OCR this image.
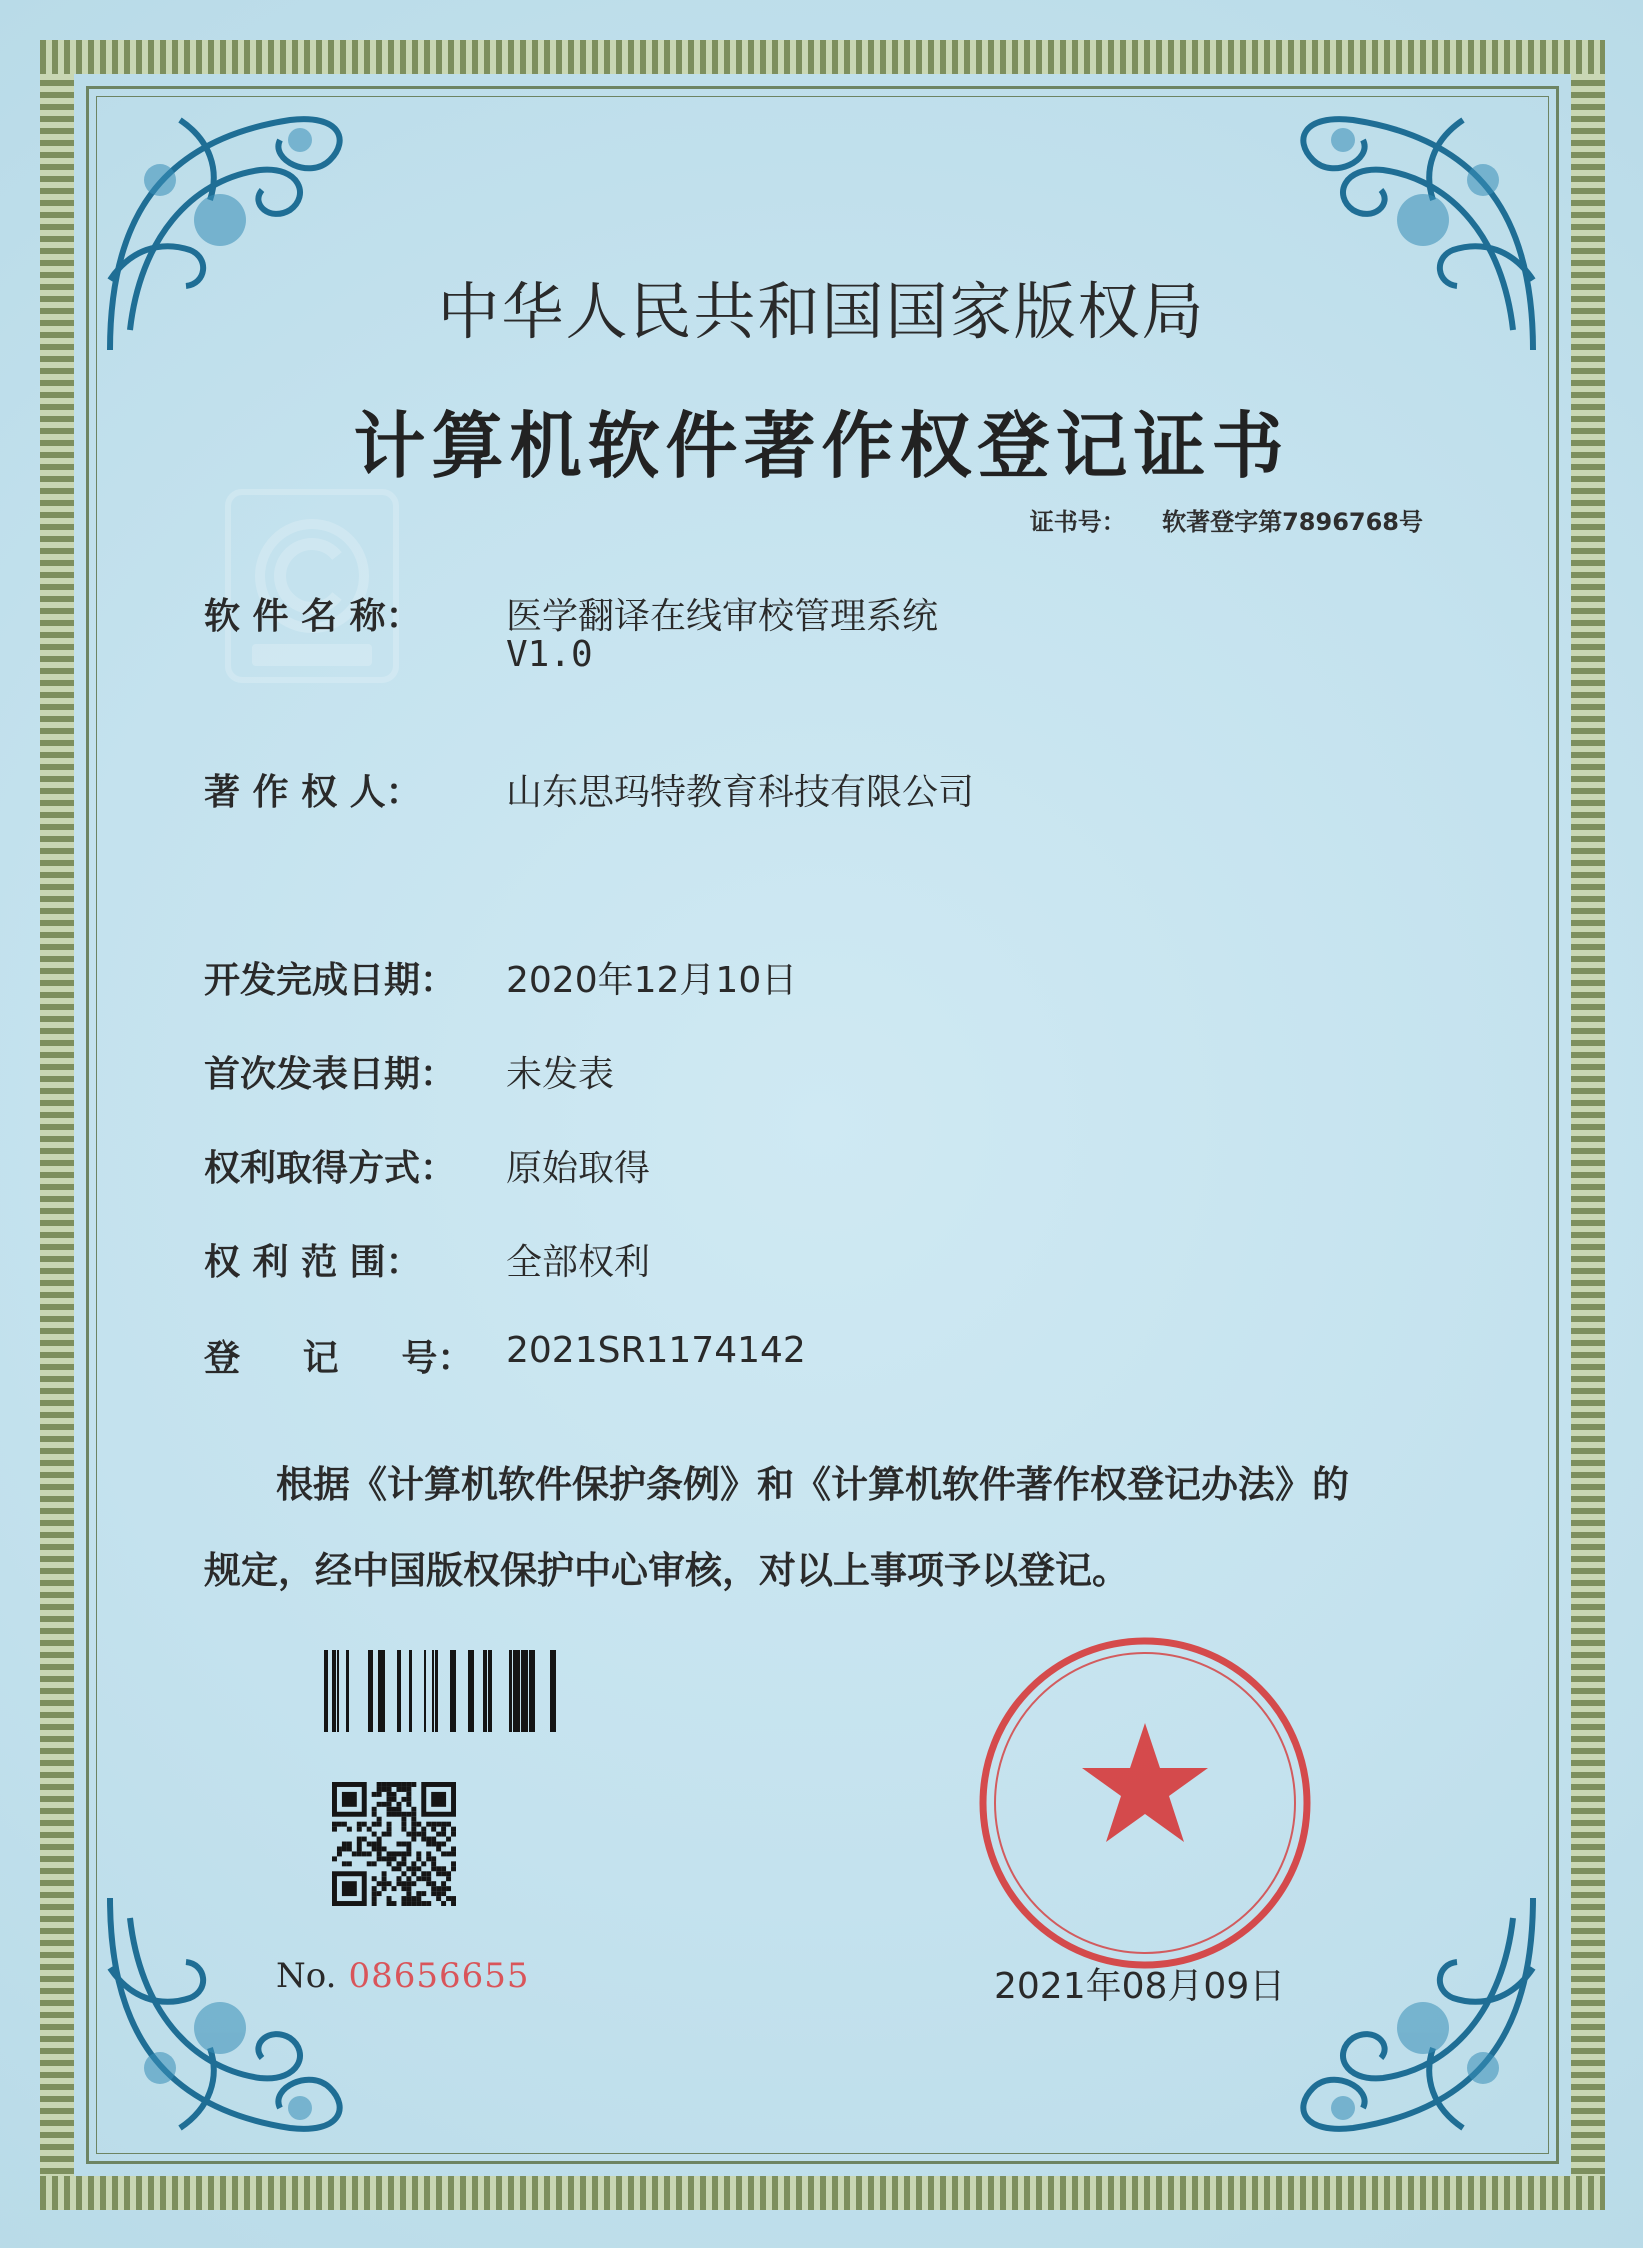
中华人民共和国国家版权局
计算机软件著作权登记证书
证书号： 软著登字第7896768号
软 件 名 称：	医学翻译在线审校管理系统
V1.0
著 作 权 人：	山东思玛特教育科技有限公司
开发完成日期：	2020年12月10日
首次发表日期：	未发表
权利取得方式：	原始取得
权 利 范 围：	全部权利
登     记     号： 2021SR1174142
根据《计算机软件保护条例》和《计算机软件著作权登记办法》的
规定，经中国版权保护中心审核，对以上事项予以登记。
No. 08656655	2021年08月09日
